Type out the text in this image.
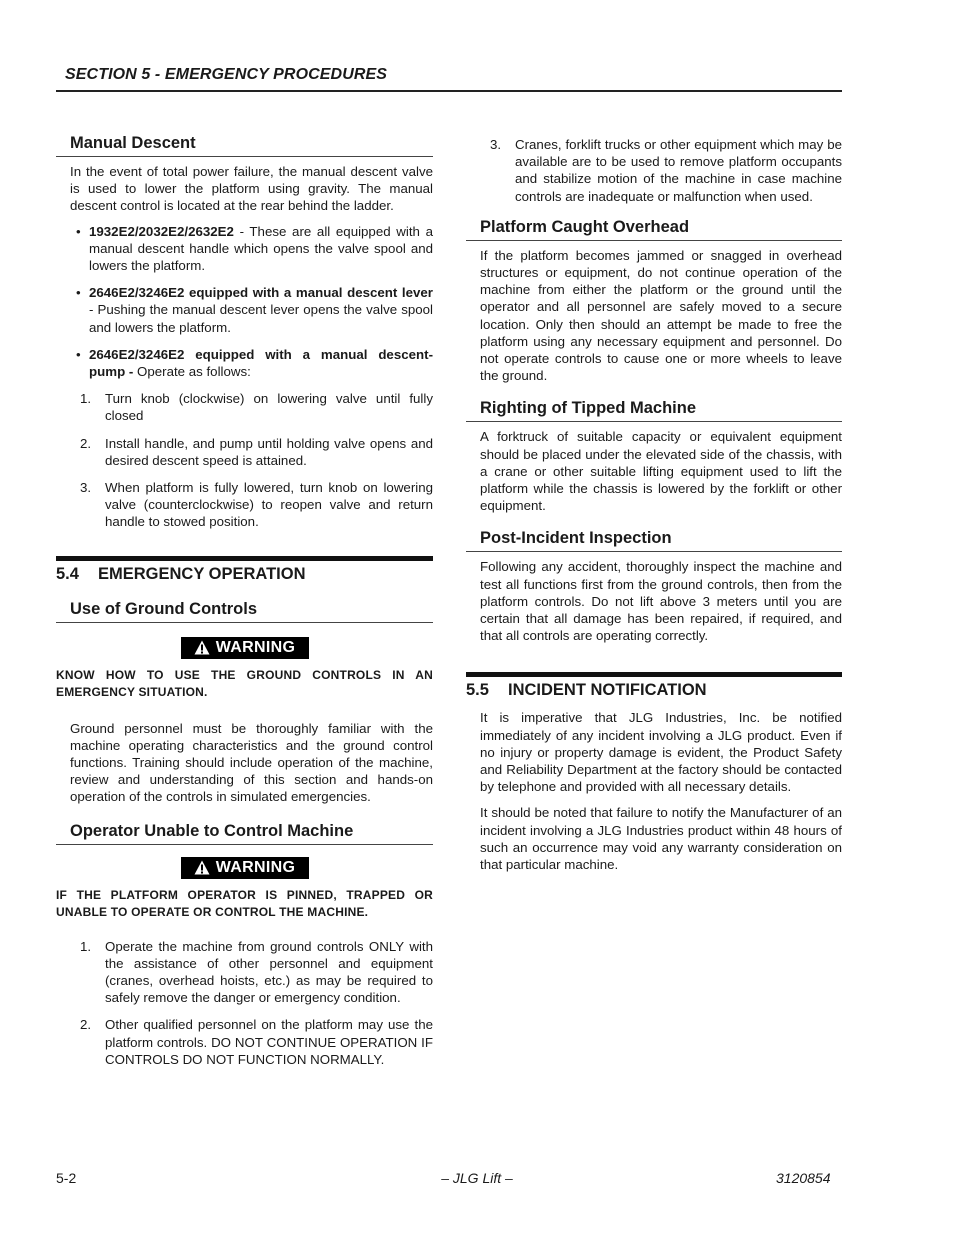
SECTION 5 - EMERGENCY PROCEDURES
Manual Descent

In the event of total power failure, the manual descent valve is used to lower the platform using gravity. The manual descent control is located at the rear behind the ladder.

• 1932E2/2032E2/2632E2 - These are all equipped with a manual descent handle which opens the valve spool and lowers the platform.
• 2646E2/3246E2 equipped with a manual descent lever - Pushing the manual descent lever opens the valve spool and lowers the platform.
• 2646E2/3246E2 equipped with a manual descent-pump - Operate as follows:
1. Turn knob (clockwise) on lowering valve until fully closed
2. Install handle, and pump until holding valve opens and desired descent speed is attained.
3. When platform is fully lowered, turn knob on lowering valve (counterclockwise) to reopen valve and return handle to stowed position.
5.4	EMERGENCY OPERATION
Use of Ground Controls
WARNING

KNOW HOW TO USE THE GROUND CONTROLS IN AN EMERGENCY SITUATION.

Ground personnel must be thoroughly familiar with the machine operating characteristics and the ground control functions. Training should include operation of the machine, review and understanding of this section and hands-on operation of the controls in simulated emergencies.

Operator Unable to Control Machine
WARNING

IF THE PLATFORM OPERATOR IS PINNED, TRAPPED OR UNABLE TO OPERATE OR CONTROL THE MACHINE.

1. Operate the machine from ground controls ONLY with the assistance of other personnel and equipment (cranes, overhead hoists, etc.) as may be required to safely remove the danger or emergency condition.
2. Other qualified personnel on the platform may use the platform controls. DO NOT CONTINUE OPERATION IF CONTROLS DO NOT FUNCTION NORMALLY.
3. Cranes, forklift trucks or other equipment which may be available are to be used to remove platform occupants and stabilize motion of the machine in case machine controls are inadequate or malfunction when used.
Platform Caught Overhead

If the platform becomes jammed or snagged in overhead structures or equipment, do not continue operation of the machine from either the platform or the ground until the operator and all personnel are safely moved to a secure location. Only then should an attempt be made to free the platform using any necessary equipment and personnel. Do not operate controls to cause one or more wheels to leave the ground.

Righting of Tipped Machine

A forktruck of suitable capacity or equivalent equipment should be placed under the elevated side of the chassis, with a crane or other suitable lifting equipment used to lift the platform while the chassis is lowered by the forklift or other equipment.

Post-Incident Inspection

Following any accident, thoroughly inspect the machine and test all functions first from the ground controls, then from the platform controls. Do not lift above 3 meters until you are certain that all damage has been repaired, if required, and that all controls are operating correctly.

5.5	INCIDENT NOTIFICATION

It is imperative that JLG Industries, Inc. be notified immediately of any incident involving a JLG product. Even if no injury or property damage is evident, the Product Safety and Reliability Department at the factory should be contacted by telephone and provided with all necessary details.

It should be noted that failure to notify the Manufacturer of an incident involving a JLG Industries product within 48 hours of such an occurrence may void any warranty consideration on that particular machine.

5-2	– JLG Lift –	3120854
